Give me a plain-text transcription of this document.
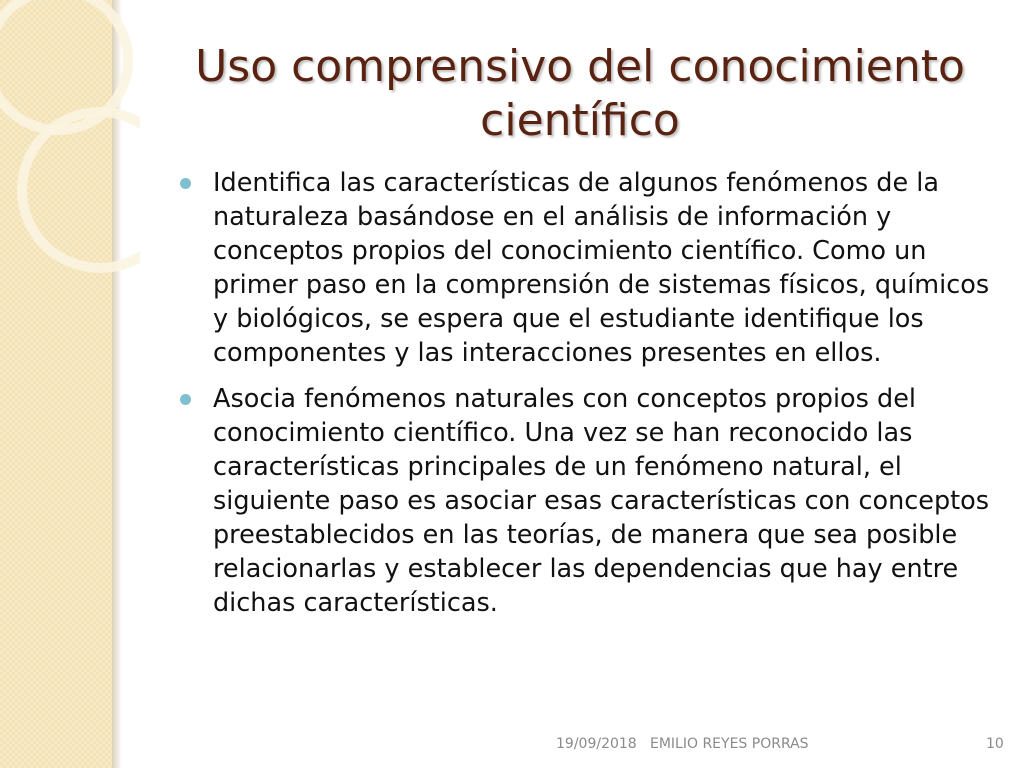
Uso comprensivo del conocimiento científico
Identifica las características de algunos fenómenos de la naturaleza basándose en el análisis de información y conceptos propios del conocimiento científico. Como un primer paso en la comprensión de sistemas físicos, químicos y biológicos, se espera que el estudiante identifique los componentes y las interacciones presentes en ellos.
Asocia fenómenos naturales con conceptos propios del conocimiento científico. Una vez se han reconocido las características principales de un fenómeno natural, el siguiente paso es asociar esas características con conceptos preestablecidos en las teorías, de manera que sea posible relacionarlas y establecer las dependencias que hay entre dichas características.
19/09/2018 EMILIO REYES PORRAS	10
